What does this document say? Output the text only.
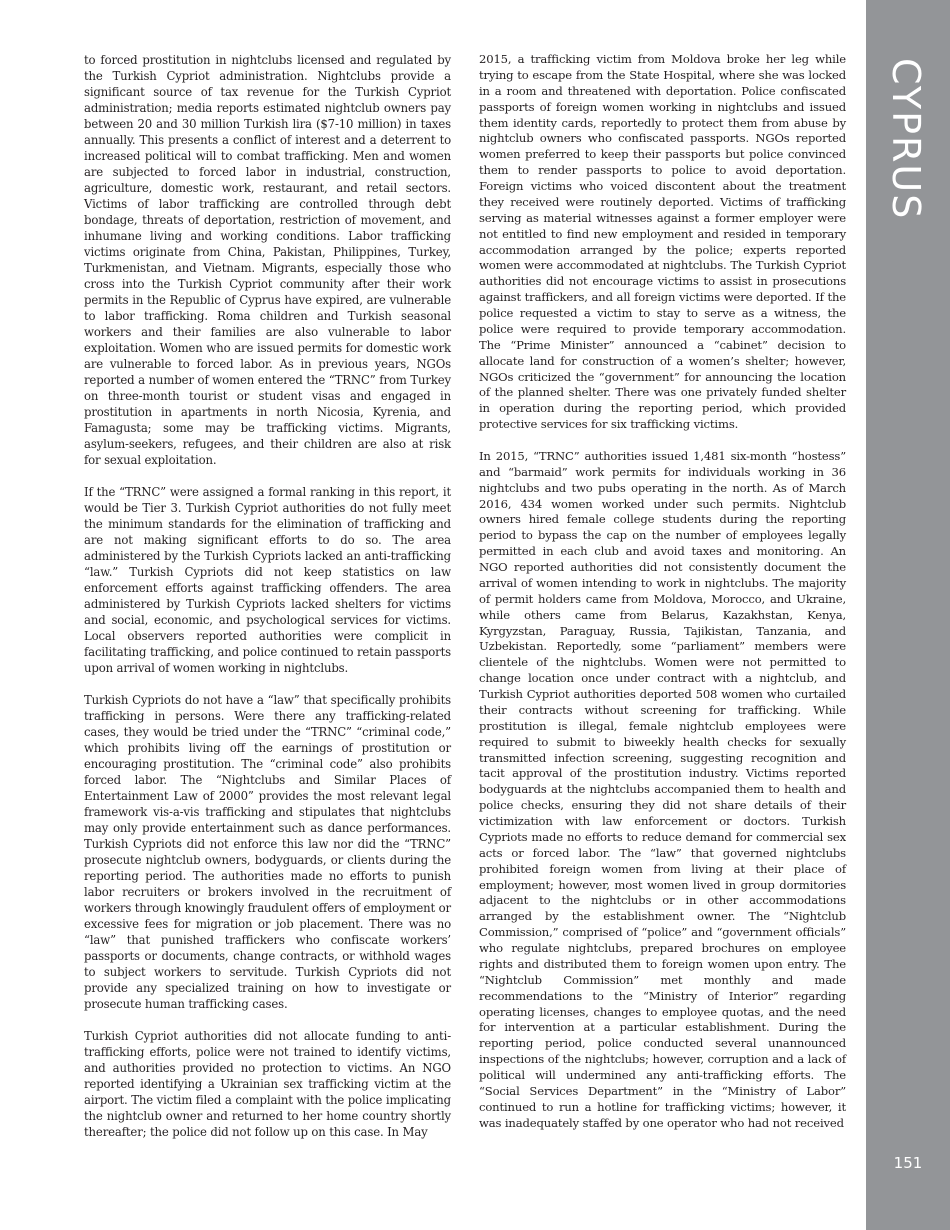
to forced prostitution in nightclubs licensed and regulated by the Turkish Cypriot administration. Nightclubs provide a significant source of tax revenue for the Turkish Cypriot administration; media reports estimated nightclub owners pay between 20 and 30 million Turkish lira ($7-10 million) in taxes annually. This presents a conflict of interest and a deterrent to increased political will to combat trafficking. Men and women are subjected to forced labor in industrial, construction, agriculture, domestic work, restaurant, and retail sectors. Victims of labor trafficking are controlled through debt bondage, threats of deportation, restriction of movement, and inhumane living and working conditions. Labor trafficking victims originate from China, Pakistan, Philippines, Turkey, Turkmenistan, and Vietnam. Migrants, especially those who cross into the Turkish Cypriot community after their work permits in the Republic of Cyprus have expired, are vulnerable to labor trafficking. Roma children and Turkish seasonal workers and their families are also vulnerable to labor exploitation. Women who are issued permits for domestic work are vulnerable to forced labor. As in previous years, NGOs reported a number of women entered the “TRNC” from Turkey on three-month tourist or student visas and engaged in prostitution in apartments in north Nicosia, Kyrenia, and Famagusta; some may be trafficking victims. Migrants, asylum-seekers, refugees, and their children are also at risk for sexual exploitation.

If the “TRNC” were assigned a formal ranking in this report, it would be Tier 3. Turkish Cypriot authorities do not fully meet the minimum standards for the elimination of trafficking and are not making significant efforts to do so. The area administered by the Turkish Cypriots lacked an anti-trafficking “law.” Turkish Cypriots did not keep statistics on law enforcement efforts against trafficking offenders. The area administered by Turkish Cypriots lacked shelters for victims and social, economic, and psychological services for victims. Local observers reported authorities were complicit in facilitating trafficking, and police continued to retain passports upon arrival of women working in nightclubs.

Turkish Cypriots do not have a “law” that specifically prohibits trafficking in persons. Were there any trafficking-related cases, they would be tried under the “TRNC” “criminal code,” which prohibits living off the earnings of prostitution or encouraging prostitution. The “criminal code” also prohibits forced labor. The “Nightclubs and Similar Places of Entertainment Law of 2000” provides the most relevant legal framework vis-a-vis trafficking and stipulates that nightclubs may only provide entertainment such as dance performances. Turkish Cypriots did not enforce this law nor did the “TRNC” prosecute nightclub owners, bodyguards, or clients during the reporting period. The authorities made no efforts to punish labor recruiters or brokers involved in the recruitment of workers through knowingly fraudulent offers of employment or excessive fees for migration or job placement. There was no “law” that punished traffickers who confiscate workers’ passports or documents, change contracts, or withhold wages to subject workers to servitude. Turkish Cypriots did not provide any specialized training on how to investigate or prosecute human trafficking cases.

Turkish Cypriot authorities did not allocate funding to anti-trafficking efforts, police were not trained to identify victims, and authorities provided no protection to victims. An NGO reported identifying a Ukrainian sex trafficking victim at the airport. The victim filed a complaint with the police implicating the nightclub owner and returned to her home country shortly thereafter; the police did not follow up on this case. In May

2015, a trafficking victim from Moldova broke her leg while trying to escape from the State Hospital, where she was locked in a room and threatened with deportation. Police confiscated passports of foreign women working in nightclubs and issued them identity cards, reportedly to protect them from abuse by nightclub owners who confiscated passports. NGOs reported women preferred to keep their passports but police convinced them to render passports to police to avoid deportation. Foreign victims who voiced discontent about the treatment they received were routinely deported. Victims of trafficking serving as material witnesses against a former employer were not entitled to find new employment and resided in temporary accommodation arranged by the police; experts reported women were accommodated at nightclubs. The Turkish Cypriot authorities did not encourage victims to assist in prosecutions against traffickers, and all foreign victims were deported. If the police requested a victim to stay to serve as a witness, the police were required to provide temporary accommodation. The “Prime Minister” announced a “cabinet” decision to allocate land for construction of a women’s shelter; however, NGOs criticized the “government” for announcing the location of the planned shelter. There was one privately funded shelter in operation during the reporting period, which provided protective services for six trafficking victims.

In 2015, “TRNC” authorities issued 1,481 six-month “hostess” and “barmaid” work permits for individuals working in 36 nightclubs and two pubs operating in the north. As of March 2016, 434 women worked under such permits. Nightclub owners hired female college students during the reporting period to bypass the cap on the number of employees legally permitted in each club and avoid taxes and monitoring. An NGO reported authorities did not consistently document the arrival of women intending to work in nightclubs. The majority of permit holders came from Moldova, Morocco, and Ukraine, while others came from Belarus, Kazakhstan, Kenya, Kyrgyzstan, Paraguay, Russia, Tajikistan, Tanzania, and Uzbekistan. Reportedly, some “parliament” members were clientele of the nightclubs. Women were not permitted to change location once under contract with a nightclub, and Turkish Cypriot authorities deported 508 women who curtailed their contracts without screening for trafficking. While prostitution is illegal, female nightclub employees were required to submit to biweekly health checks for sexually transmitted infection screening, suggesting recognition and tacit approval of the prostitution industry. Victims reported bodyguards at the nightclubs accompanied them to health and police checks, ensuring they did not share details of their victimization with law enforcement or doctors. Turkish Cypriots made no efforts to reduce demand for commercial sex acts or forced labor. The “law” that governed nightclubs prohibited foreign women from living at their place of employment; however, most women lived in group dormitories adjacent to the nightclubs or in other accommodations arranged by the establishment owner. The “Nightclub Commission,” comprised of “police” and “government officials” who regulate nightclubs, prepared brochures on employee rights and distributed them to foreign women upon entry. The “Nightclub Commission” met monthly and made recommendations to the “Ministry of Interior” regarding operating licenses, changes to employee quotas, and the need for intervention at a particular establishment. During the reporting period, police conducted several unannounced inspections of the nightclubs; however, corruption and a lack of political will undermined any anti-trafficking efforts. The “Social Services Department” in the “Ministry of Labor” continued to run a hotline for trafficking victims; however, it was inadequately staffed by one operator who had not received

CYPRUS
151
